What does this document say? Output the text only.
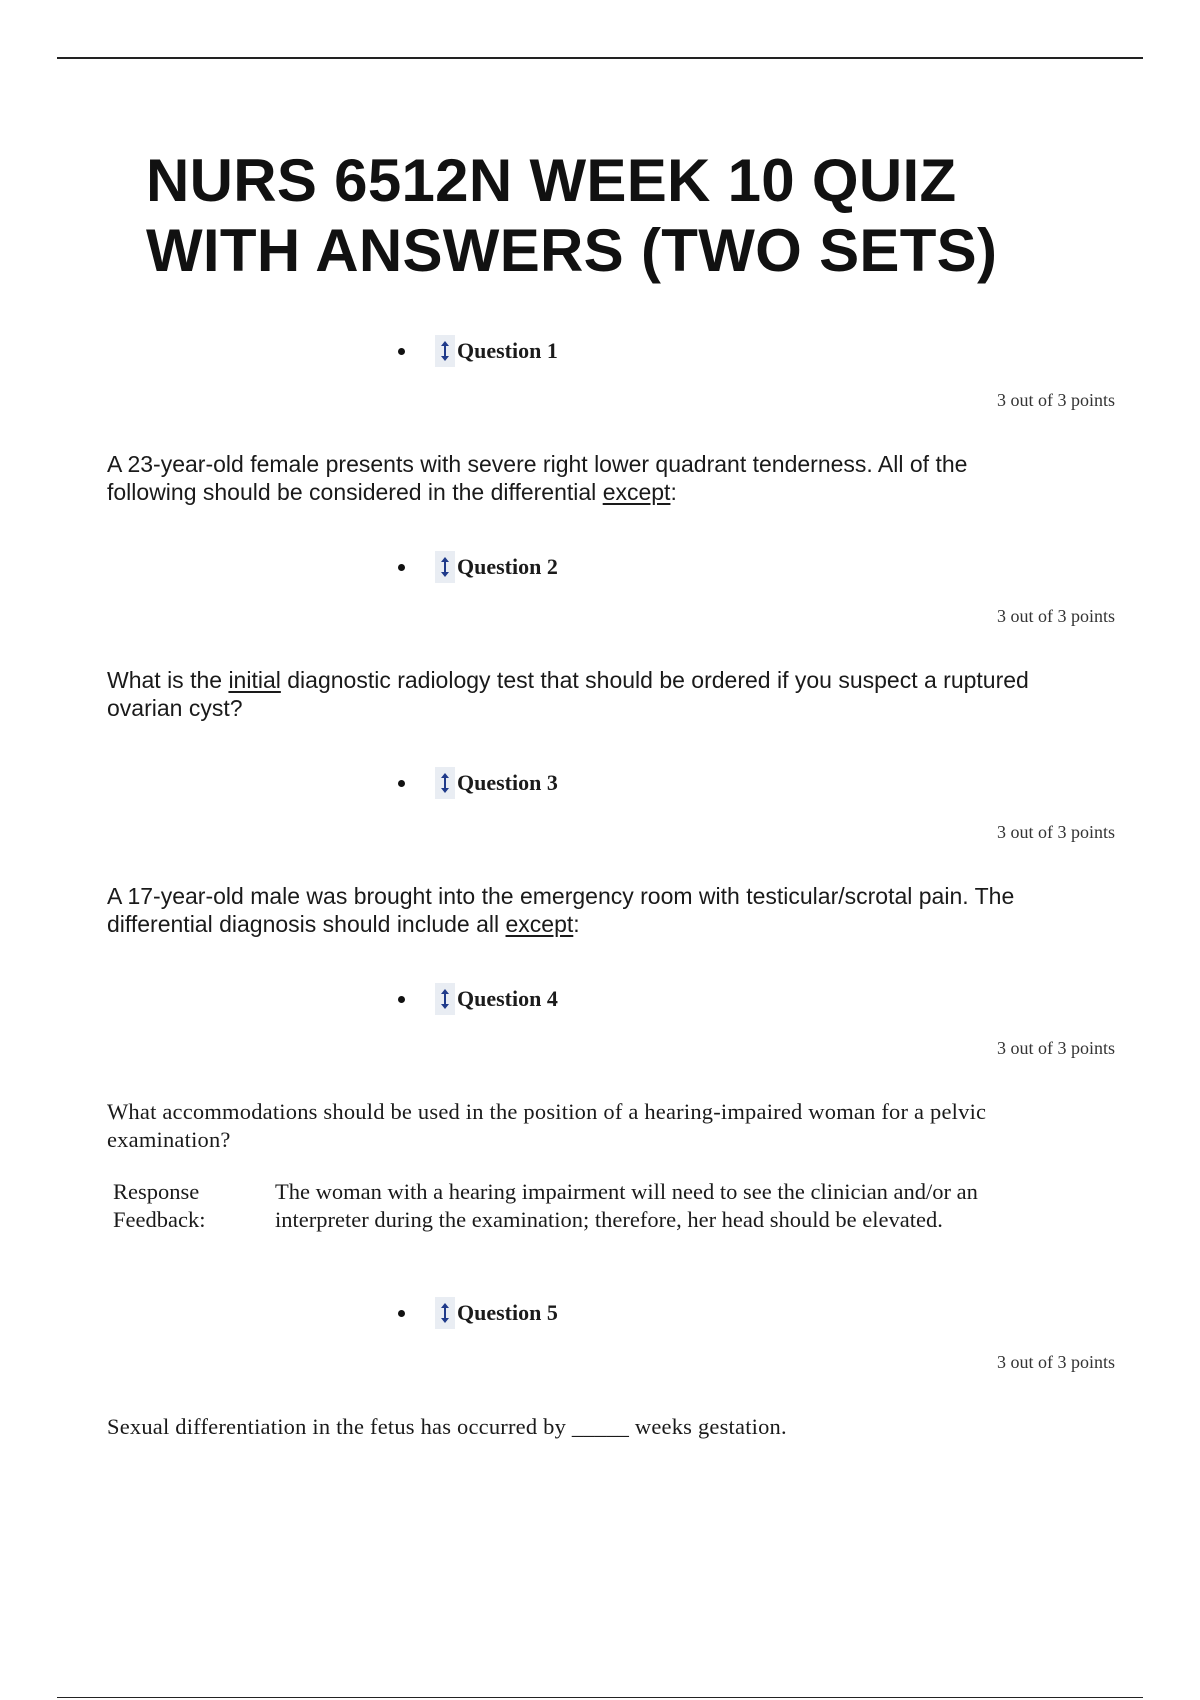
NURS 6512N WEEK 10 QUIZ
WITH ANSWERS (TWO SETS)
Question 1
3 out of 3 points

A 23-year-old female presents with severe right lower quadrant tenderness. All of the following should be considered in the differential except:

Question 2
3 out of 3 points

What is the initial diagnostic radiology test that should be ordered if you suspect a ruptured ovarian cyst?

Question 3
3 out of 3 points

A 17-year-old male was brought into the emergency room with testicular/scrotal pain. The differential diagnosis should include all except:

Question 4
3 out of 3 points

What accommodations should be used in the position of a hearing-impaired woman for a pelvic examination?

Response Feedback:
The woman with a hearing impairment will need to see the clinician and/or an interpreter during the examination; therefore, her head should be elevated.
Question 5
3 out of 3 points

Sexual differentiation in the fetus has occurred by _____ weeks gestation.
